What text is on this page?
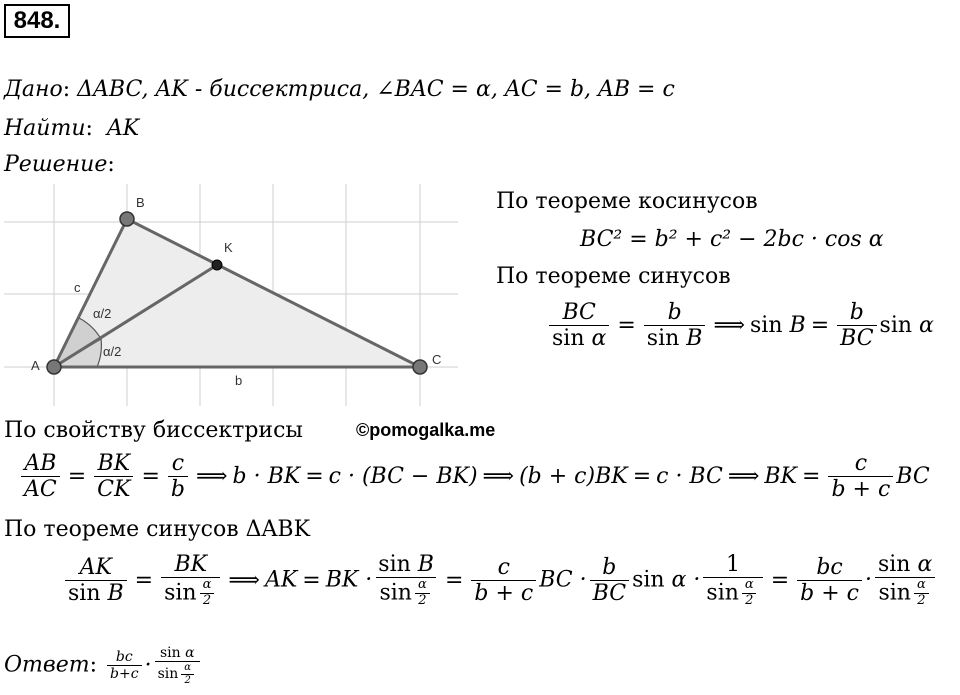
848.
Дано: ΔABC, AK - биссектриса, ∠BAC = α, AC = b, AB = c
Найти:  AK
Решение:
A
B
C
K
c
b
α/2
α/2
По теореме косинусов
BC² = b² + c² − 2bc · cos α
По теореме синусов
$\frac{BC}{\text{sin α}} = \frac{b}{\text{sin B}}$ ⟹ $\sin B = \frac{b}{BC}$ sin α
По свойству биссектрисы	©pomogalka.me
$\frac{AB}{AC} = \frac{BK}{CK} = \frac{c}{b}$ ⟹ b · BK = c · (BC − BK) ⟹ (b + c)BK = c · BC ⟹ BK = $\frac{c}{b + c}$ BC
По теореме синусов ΔABK
$\frac{AK}{\text{sin B}} = \frac{BK}{\sin \frac{\alpha}{2}}$ ⟹ AK = BK · $\frac{\text{sin B}}{\sin \frac{\alpha}{2}} = \frac{c}{b + c}$ BC · $\frac{b}{BC}$ $\sin \alpha \cdot \frac{1}{\sin \frac{\alpha}{2}} = \frac{bc}{b + c} \cdot \frac{\text{sin α}}{\sin \frac{\alpha}{2}}$
Ответ: $\frac{bc}{b+c} \cdot \frac{\text{sin α}}{\sin \frac{\alpha}{2}}$
